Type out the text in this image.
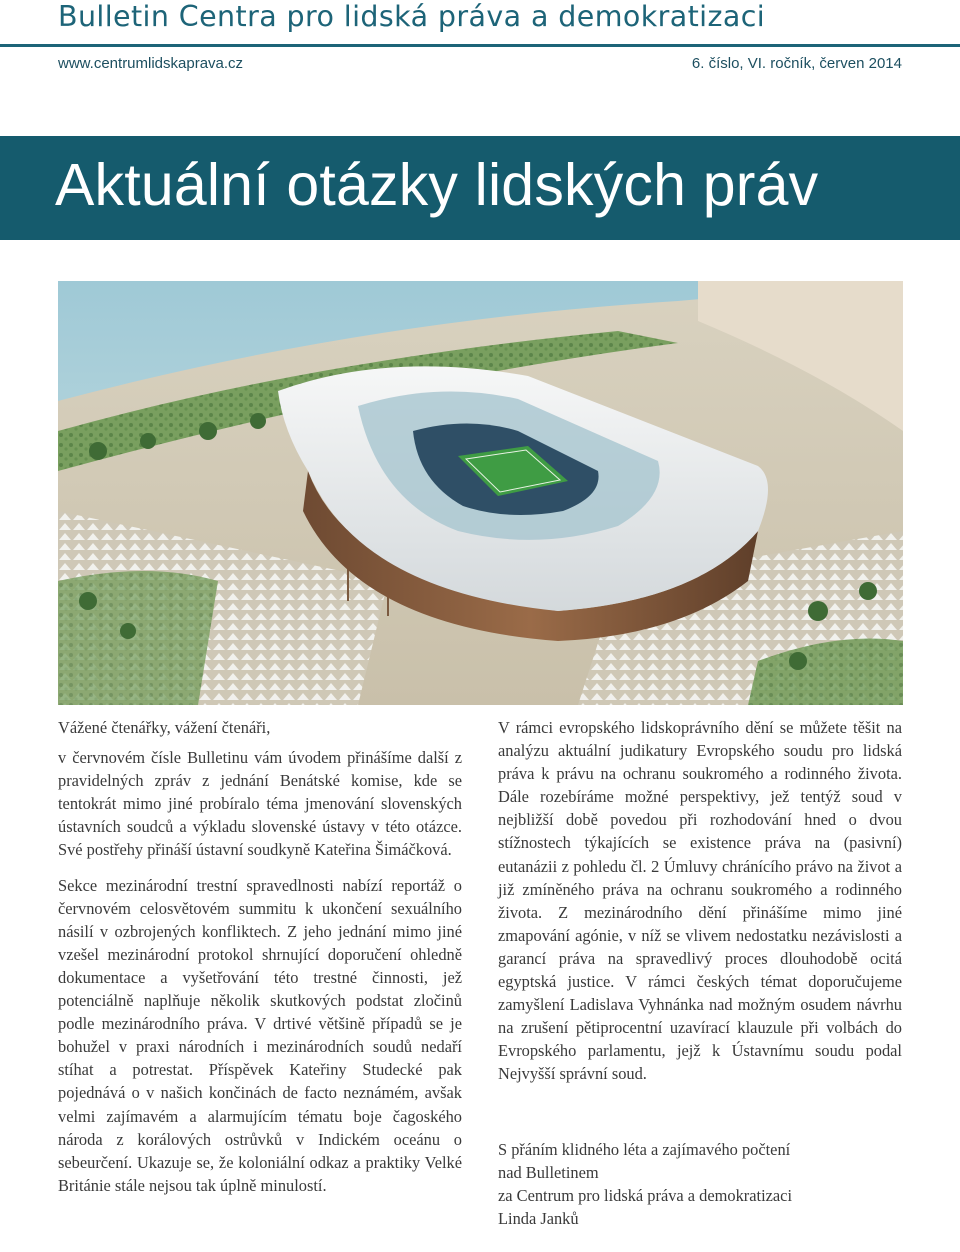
Bulletin Centra pro lidská práva a demokratizaci
www.centrumlidskaprava.cz	6. číslo, VI. ročník, červen 2014
Aktuální otázky lidských práv

Vážené čtenářky, vážení čtenáři,

v červnovém čísle Bulletinu vám úvodem přinášíme další z pravidelných zpráv z jednání Benátské komise, kde se tentokrát mimo jiné probíralo téma jmenování slovenských ústavních soudců a výkladu slovenské ústavy v této otázce. Své postřehy přináší ústavní soudkyně Kateřina Šimáčková.

Sekce mezinárodní trestní spravedlnosti nabízí reportáž o červnovém celosvětovém summitu k ukončení sexuálního násilí v ozbrojených konfliktech. Z jeho jednání mimo jiné vzešel mezinárodní protokol shrnující doporučení ohledně dokumentace a vyšetřování této trestné činnosti, jež potenciálně naplňuje několik skutkových podstat zločinů podle mezinárodního práva. V drtivé většině případů se je bohužel v praxi národních i mezinárodních soudů nedaří stíhat a potrestat. Příspěvek Kateřiny Studecké pak pojednává o v našich končinách de facto neznámém, avšak velmi zajímavém a alarmujícím tématu boje čagoského národa z korálových ostrůvků v Indickém oceánu o sebeurčení. Ukazuje se, že koloniální odkaz a praktiky Velké Británie stále nejsou tak úplně minulostí.

V rámci evropského lidskoprávního dění se můžete těšit na analýzu aktuální judikatury Evropského soudu pro lidská práva k právu na ochranu soukromého a rodinného života. Dále rozebíráme možné perspektivy, jež tentýž soud v nejbližší době povedou při rozhodování hned o dvou stížnostech týkajících se existence práva na (pasivní) eutanázii z pohledu čl. 2 Úmluvy chránícího právo na život a již zmíněného práva na ochranu soukromého a rodinného života. Z mezinárodního dění přinášíme mimo jiné zmapování agónie, v níž se vlivem nedostatku nezávislosti a garancí práva na spravedlivý proces dlouhodobě ocitá egyptská justice. V rámci českých témat doporučujeme zamyšlení Ladislava Vyhnánka nad možným osudem návrhu na zrušení pětiprocentní uzavírací klauzule při volbách do Evropského parlamentu, jejž k Ústavnímu soudu podal Nejvyšší správní soud.

S přáním klidného léta a zajímavého počtení
nad Bulletinem
za Centrum pro lidská práva a demokratizaci
Linda Janků
